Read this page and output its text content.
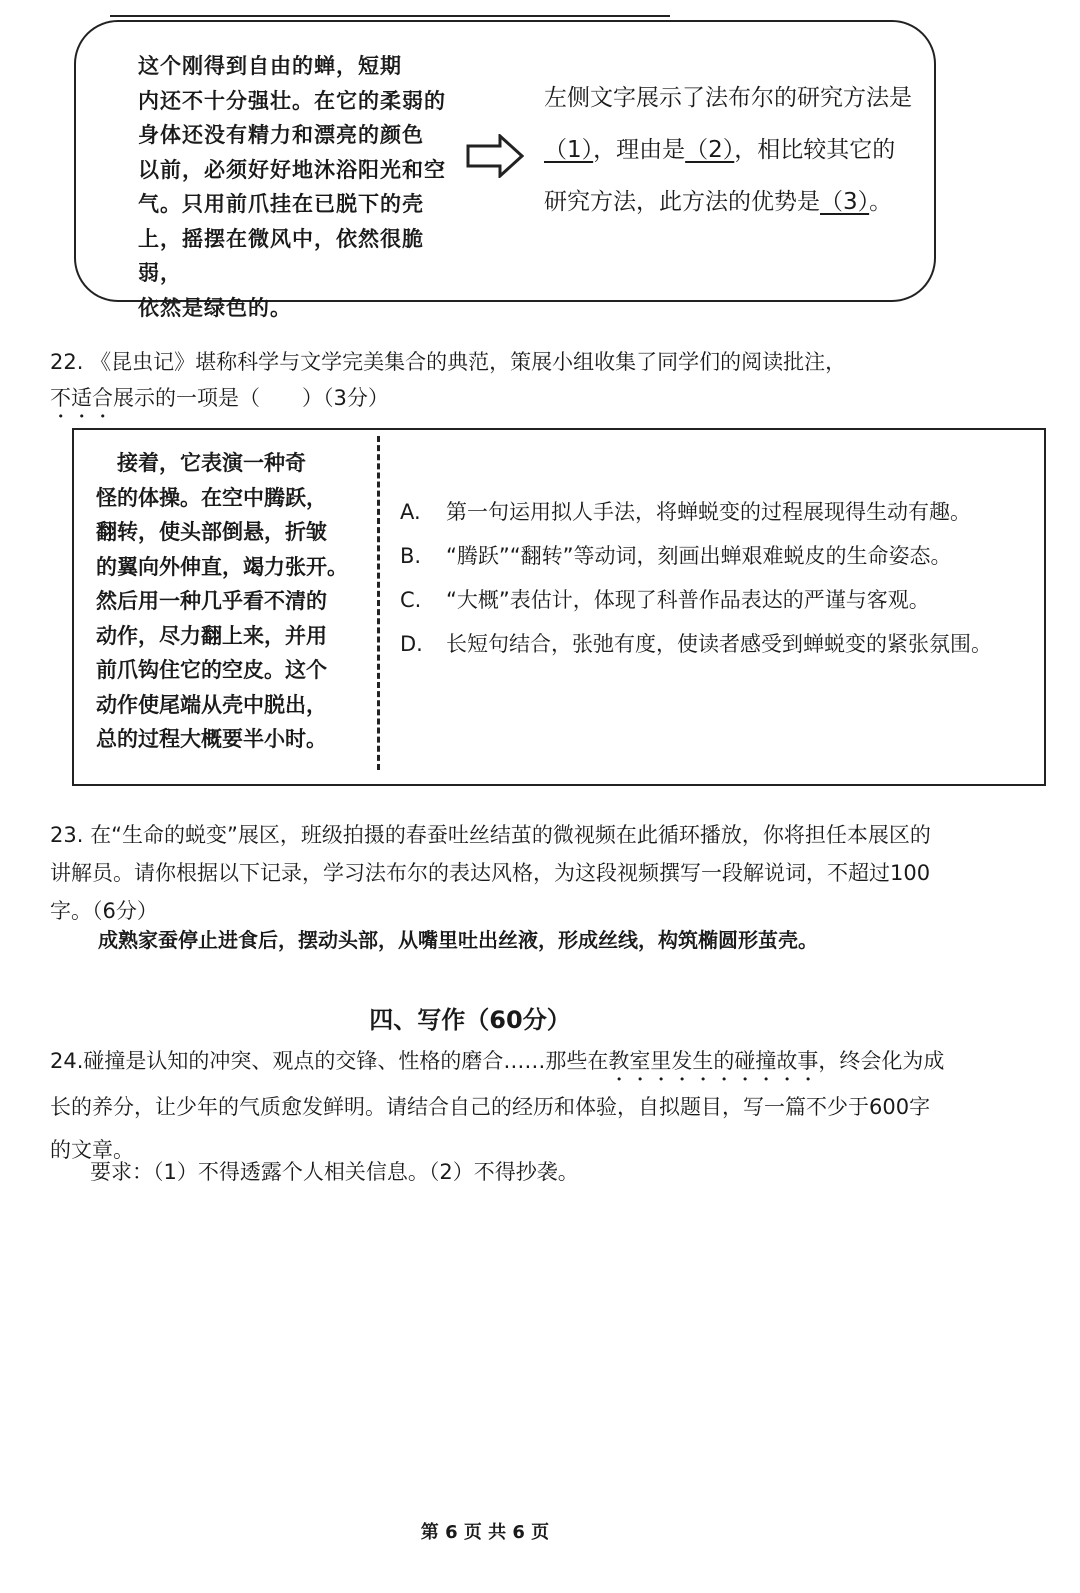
这个刚得到自由的蝉，短期
内还不十分强壮。在它的柔弱的
身体还没有精力和漂亮的颜色
以前，必须好好地沐浴阳光和空
气。只用前爪挂在已脱下的壳
上，摇摆在微风中，依然很脆弱，
依然是绿色的。
左侧文字展示了法布尔的研究方法是（1），理由是（2），相比较其它的研究方法，此方法的优势是（3）。
22. 《昆虫记》堪称科学与文学完美集合的典范，策展小组收集了同学们的阅读批注，
不适合展示的一项是（　　）（3分）
　接着，它表演一种奇
怪的体操。在空中腾跃，
翻转，使头部倒悬，折皱
的翼向外伸直，竭力张开。
然后用一种几乎看不清的
动作，尽力翻上来，并用
前爪钩住它的空皮。这个
动作使尾端从壳中脱出，
总的过程大概要半小时。
A.	第一句运用拟人手法，将蝉蜕变的过程展现得生动有趣。
B.	“腾跃”“翻转”等动词，刻画出蝉艰难蜕皮的生命姿态。
C.	“大概”表估计，体现了科普作品表达的严谨与客观。
D.	长短句结合，张弛有度，使读者感受到蝉蜕变的紧张氛围。
23. 在“生命的蜕变”展区，班级拍摄的春蚕吐丝结茧的微视频在此循环播放，你将担任本展区的讲解员。请你根据以下记录，学习法布尔的表达风格，为这段视频撰写一段解说词，不超过100字。（6分）
成熟家蚕停止进食后，摆动头部，从嘴里吐出丝液，形成丝线，构筑椭圆形茧壳。
四、写作（60分）
24.碰撞是认知的冲突、观点的交锋、性格的磨合……那些在教室里发生的碰撞故事，终会化为成长的养分，让少年的气质愈发鲜明。请结合自己的经历和体验，自拟题目，写一篇不少于600字的文章。
要求：（1）不得透露个人相关信息。（2）不得抄袭。
第 6 页 共 6 页
